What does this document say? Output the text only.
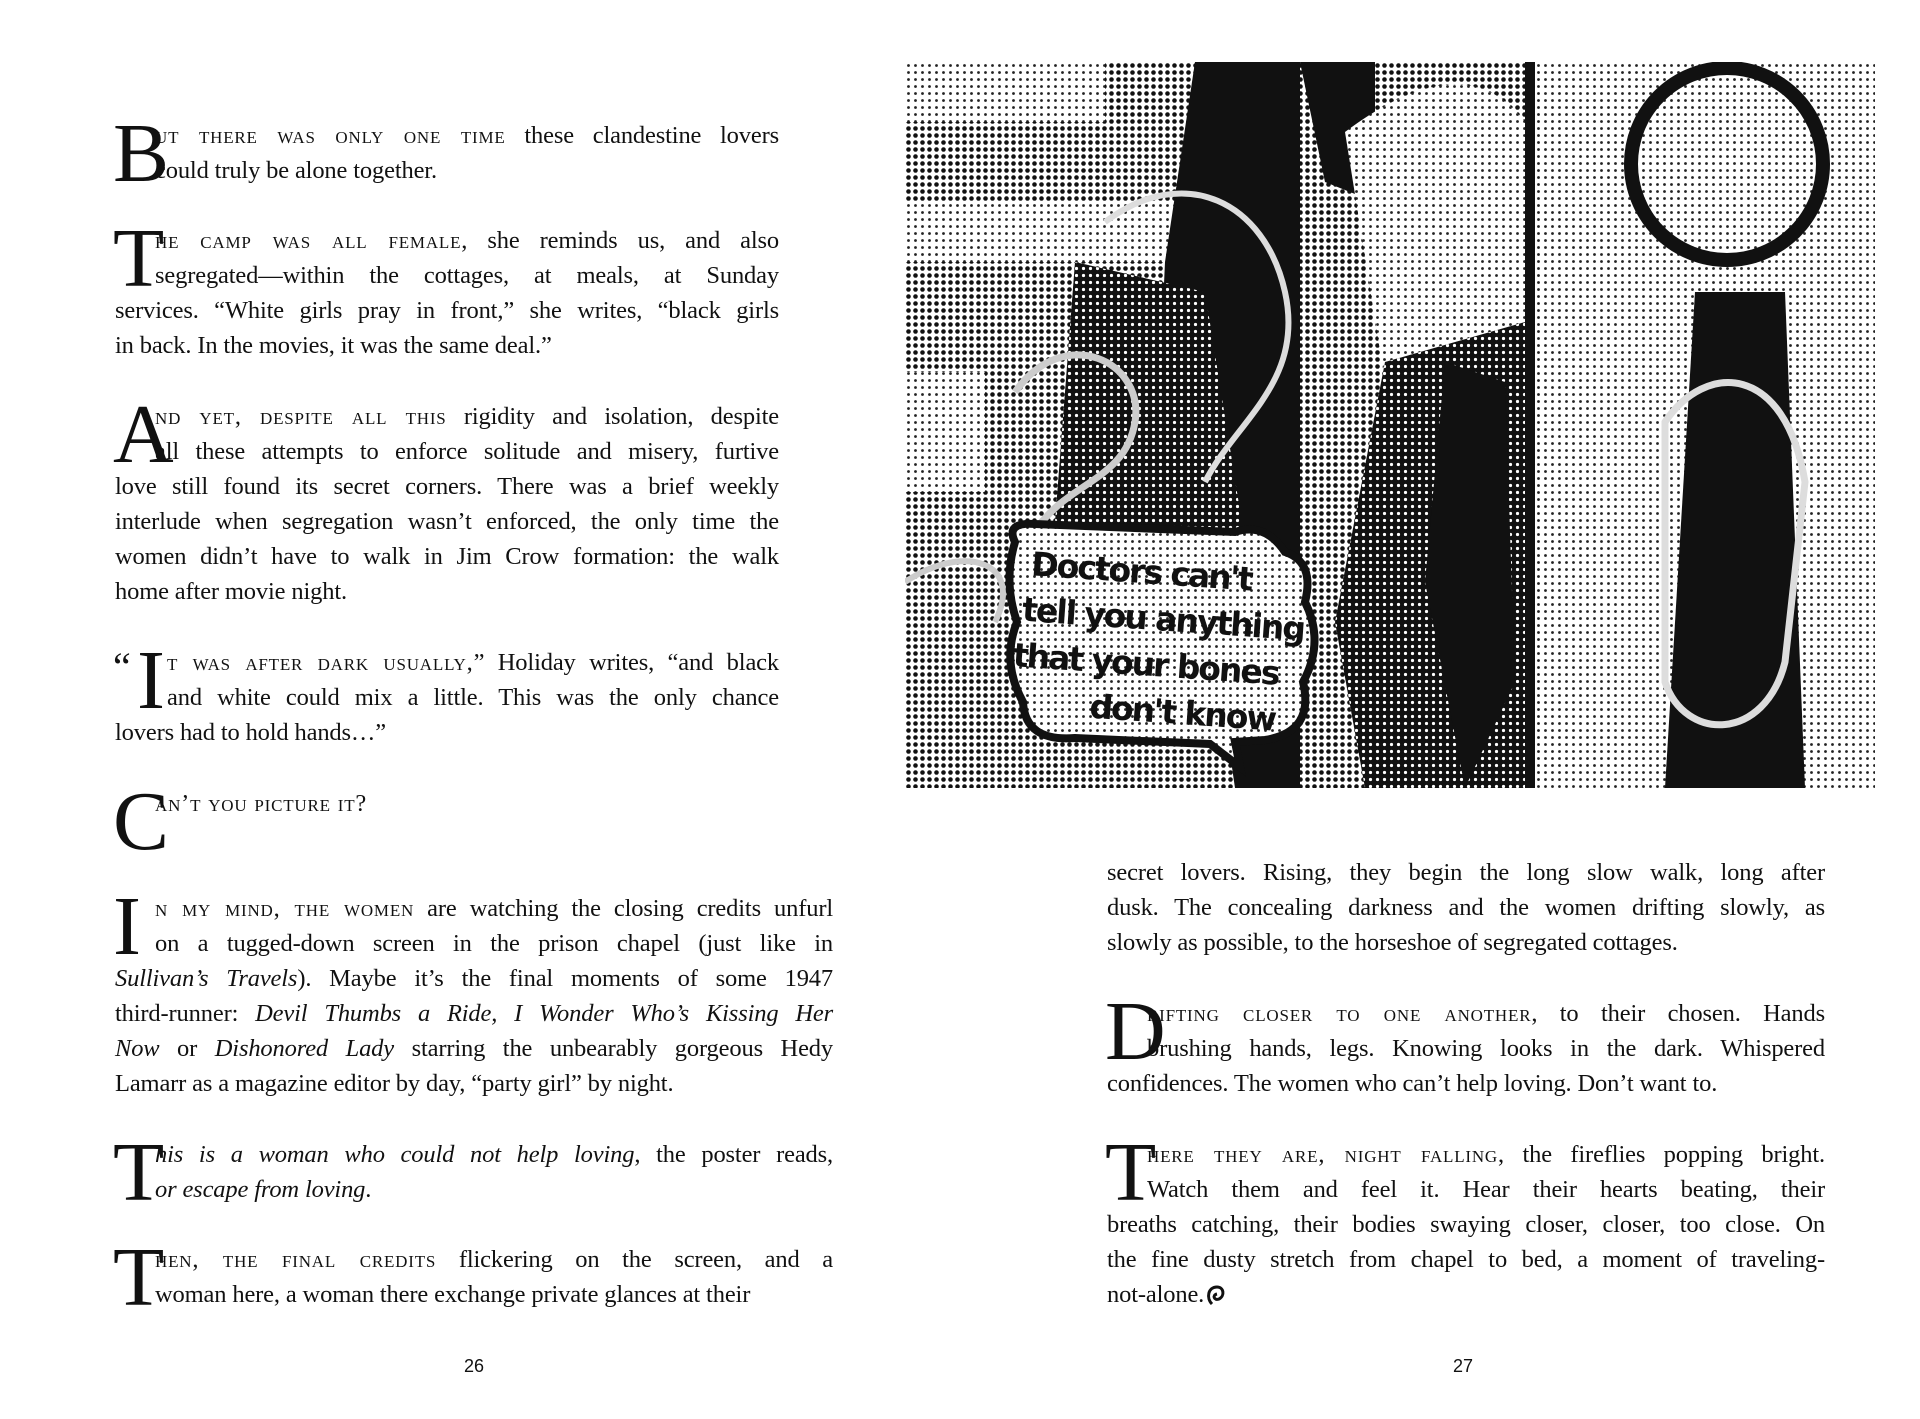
B
ut there was only one time these clandestine lovers
could truly be alone together.
T
he camp was all female, she reminds us, and also
segregated—within the cottages, at meals, at Sunday
services. “White girls pray in front,” she writes, “black girls
in back. In the movies, it was the same deal.”
A
nd yet, despite all this rigidity and isolation, despite
all these attempts to enforce solitude and misery, furtive
love still found its secret corners. There was a brief weekly
interlude when segregation wasn’t enforced, the only time the
women didn’t have to walk in Jim Crow formation: the walk
home after movie night.
“ I t was after dark usually,” Holiday writes, “and black
and white could mix a little. This was the only chance
lovers had to hold hands…”
C
an’t you picture it?
I n my mind, the women are watching the closing credits unfurl
on a tugged-down screen in the prison chapel (just like in
Sullivan’s Travels). Maybe it’s the final moments of some 1947
third-runner: Devil Thumbs a Ride, I Wonder Who’s Kissing Her
Now or Dishonored Lady starring the unbearably gorgeous Hedy
Lamarr as a magazine editor by day, “party girl” by night.
T
his is a woman who could not help loving, the poster reads,
or escape from loving.
T
hen, the final credits flickering on the screen, and a
woman here, a woman there exchange private glances at their
26
Doctors can't
tell you anything
that your bones
don't know
secret lovers. Rising, they begin the long slow walk, long after
dusk. The concealing darkness and the women drifting slowly, as
slowly as possible, to the horseshoe of segregated cottages.
D
rifting closer to one another, to their chosen. Hands
brushing hands, legs. Knowing looks in the dark. Whispered
confidences. The women who can’t help loving. Don’t want to.
T
here they are, night falling, the fireflies popping bright.
Watch them and feel it. Hear their hearts beating, their
breaths catching, their bodies swaying closer, closer, too close. On
the fine dusty stretch from chapel to bed, a moment of traveling-
not-alone.
27
